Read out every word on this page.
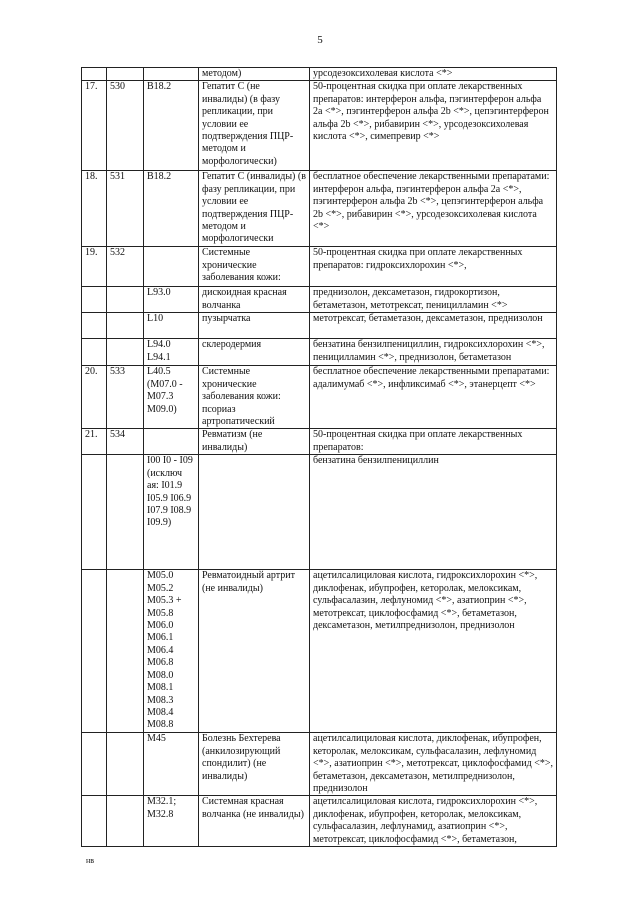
5
			методом)	урсодезоксихолевая кислота <*>
17.	530	B18.2	Гепатит С (не инвалиды) (в фазу репликации, при условии ее подтверждения ПЦР-методом и морфологически)	50-процентная скидка при оплате лекарственных препаратов: интерферон альфа, пэгинтерферон альфа 2а <*>, пэгинтерферон альфа 2b <*>, цепэгинтерферон альфа 2b <*>, рибавирин <*>, урсодезоксихолевая кислота <*>, симепревир <*>
18.	531	B18.2	Гепатит С (инвалиды) (в фазу репликации, при условии ее подтверждения ПЦР-методом и морфологически	бесплатное обеспечение лекарственными препаратами: интерферон альфа, пэгинтерферон альфа 2а <*>, пэгинтерферон альфа 2b <*>, цепэгинтерферон альфа 2b <*>, рибавирин <*>, урсодезоксихолевая кислота <*>
19.	532		Системные хронические заболевания кожи:	50-процентная скидка при оплате лекарственных препаратов: гидроксихлорохин <*>,
		L93.0	дискоидная красная волчанка	преднизолон, дексаметазон, гидрокортизон, бетаметазон, метотрексат, пеницилламин <*>
		L10	пузырчатка	метотрексат, бетаметазон, дексаметазон, преднизолон
		L94.0 L94.1	склеродермия	бензатина бензилпенициллин, гидроксихлорохин <*>, пеницилламин <*>, преднизолон, бетаметазон
20.	533	L40.5 (M07.0 - M07.3 M09.0)	Системные хронические заболевания кожи: псориаз артропатический	бесплатное обеспечение лекарственными препаратами: адалимумаб <*>, инфликсимаб <*>, этанерцепт <*>
21.	534		Ревматизм (не инвалиды)	50-процентная скидка при оплате лекарственных препаратов:
		I00 I0 - I09 (исключ ая: I01.9 I05.9 I06.9 I07.9 I08.9 I09.9)		бензатина бензилпенициллин
		M05.0 M05.2 M05.3 + M05.8 M06.0 M06.1 M06.4 M06.8 M08.0 M08.1 M08.3 M08.4 M08.8	Ревматоидный артрит (не инвалиды)	ацетилсалициловая кислота, гидроксихлорохин <*>, диклофенак, ибупрофен, кеторолак, мелоксикам, сульфасалазин, лефлуномид <*>, азатиоприн <*>, метотрексат, циклофосфамид <*>, бетаметазон, дексаметазон, метилпреднизолон, преднизолон
		M45	Болезнь Бехтерева (анкилозирующий спондилит) (не инвалиды)	ацетилсалициловая кислота, диклофенак, ибупрофен, кеторолак, мелоксикам, сульфасалазин, лефлуномид <*>, азатиоприн <*>, метотрексат, циклофосфамид <*>, бетаметазон, дексаметазон, метилпреднизолон, преднизолон
		M32.1; M32.8	Системная красная волчанка (не инвалиды)	ацетилсалициловая кислота, гидроксихлорохин <*>, диклофенак, ибупрофен, кеторолак, мелоксикам, сульфасалазин, лефлунамид, азатиоприн <*>, метотрексат, циклофосфамид <*>, бетаметазон,
нв
